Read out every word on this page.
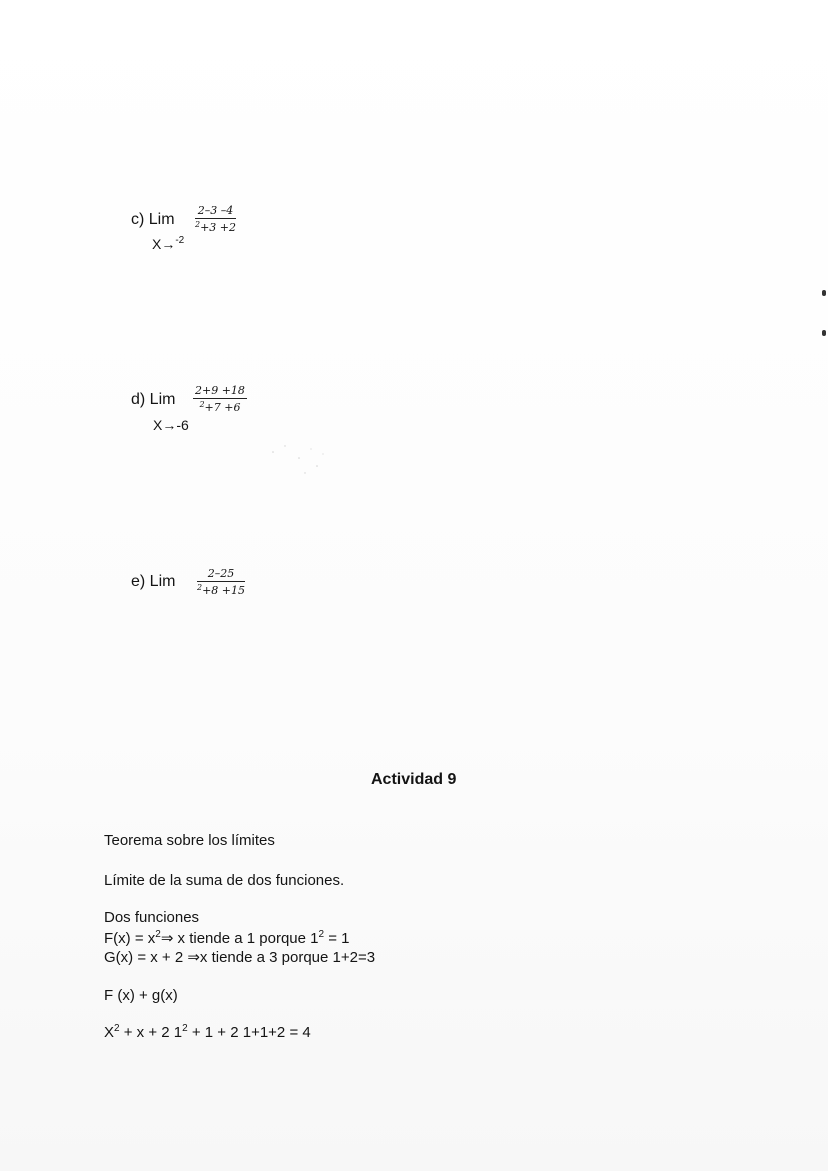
c) Lim $\frac{2-3 -4}{^2+3 +2}$
X→$^{-2}$
d) Lim $\frac{2+9 +18}{^2+7 +6}$
X→-6
e) Lim $\frac{2-25}{^2+8 +15}$
Actividad 9
Teorema sobre los límites
Límite de la suma de dos funciones.
Dos funciones
$F(x) = x^2\Rightarrow$ x tiende a 1 porque $1^2 = 1$
G(x) = x + 2 ⇒x tiende a 3 porque 1+2=3
F (x) + g(x)
$X^2 + x + 2$ $1^2 + 1 + 2$ 1+1+2 = 4
